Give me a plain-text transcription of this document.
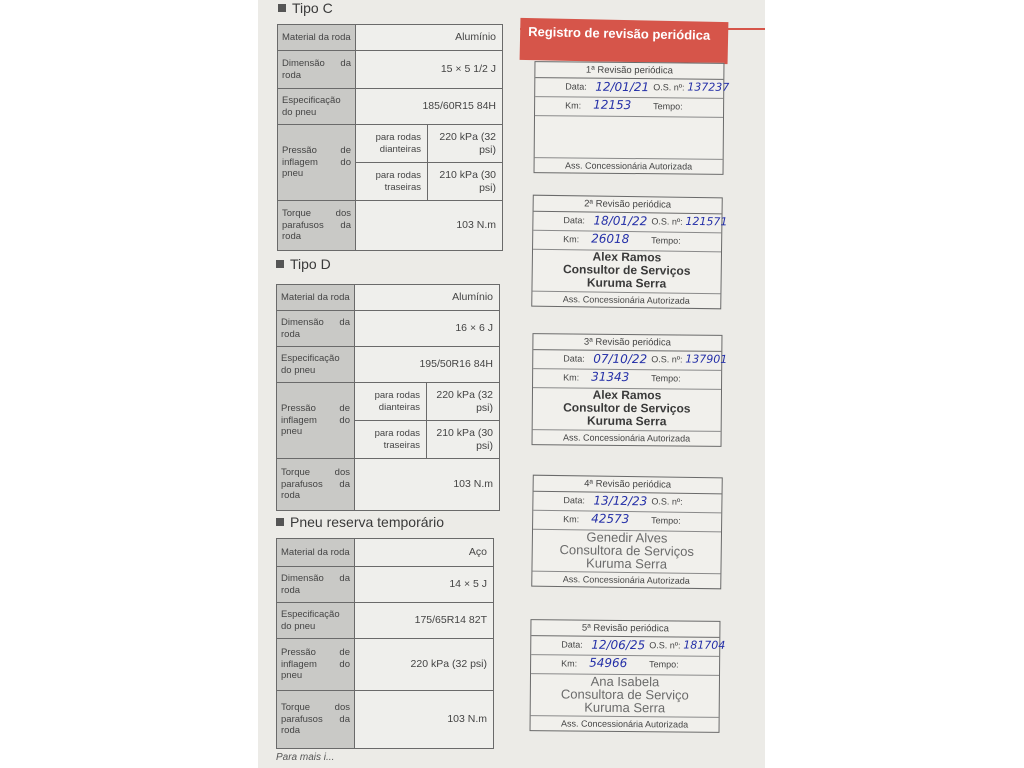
Tipo C
Material da roda	Alumínio	
Dimensão da roda	15 × 5 1/2 J	
Especificação do pneu	185/60R15 84H	
Pressão de inflagem do pneu	para rodas dianteiras	220 kPa (32 psi)
	para rodas traseiras	210 kPa (30 psi)
Torque dos parafusos da roda	103 N.m	
Tipo D
Material da roda	Alumínio	
Dimensão da roda	16 × 6 J	
Especificação do pneu	195/50R16 84H	
Pressão de inflagem do pneu	para rodas dianteiras	220 kPa (32 psi)
	para rodas traseiras	210 kPa (30 psi)
Torque dos parafusos da roda	103 N.m	
Pneu reserva temporário
Material da roda	Aço
Dimensão da roda	14 × 5 J
Especificação do pneu	175/65R14 82T
Pressão de inflagem do pneu	220 kPa (32 psi)
Torque dos parafusos da roda	103 N.m
Registro de revisão periódica
1ª Revisão periódica
Data:	O.S. nº:
12/01/21	137237
Km:	Tempo:
12153
Ass. Concessionária Autorizada
2ª Revisão periódica
Data:	O.S. nº:
18/01/22	121571
Km:	Tempo:
26018
Alex Ramos
Consultor de Serviços
Kuruma Serra
Ass. Concessionária Autorizada
3ª Revisão periódica
Data:	O.S. nº:
07/10/22	137901
Km:	Tempo:
31343
Alex Ramos
Consultor de Serviços
Kuruma Serra
Ass. Concessionária Autorizada
4ª Revisão periódica
Data:	O.S. nº:
13/12/23
Km:	Tempo:
42573
Genedir Alves
Consultora de Serviços
Kuruma Serra
Ass. Concessionária Autorizada
5ª Revisão periódica
Data:	O.S. nº:
12/06/25	181704
Km:	Tempo:
54966
Ana Isabela
Consultora de Serviço
Kuruma Serra
Ass. Concessionária Autorizada
Para mais i...
